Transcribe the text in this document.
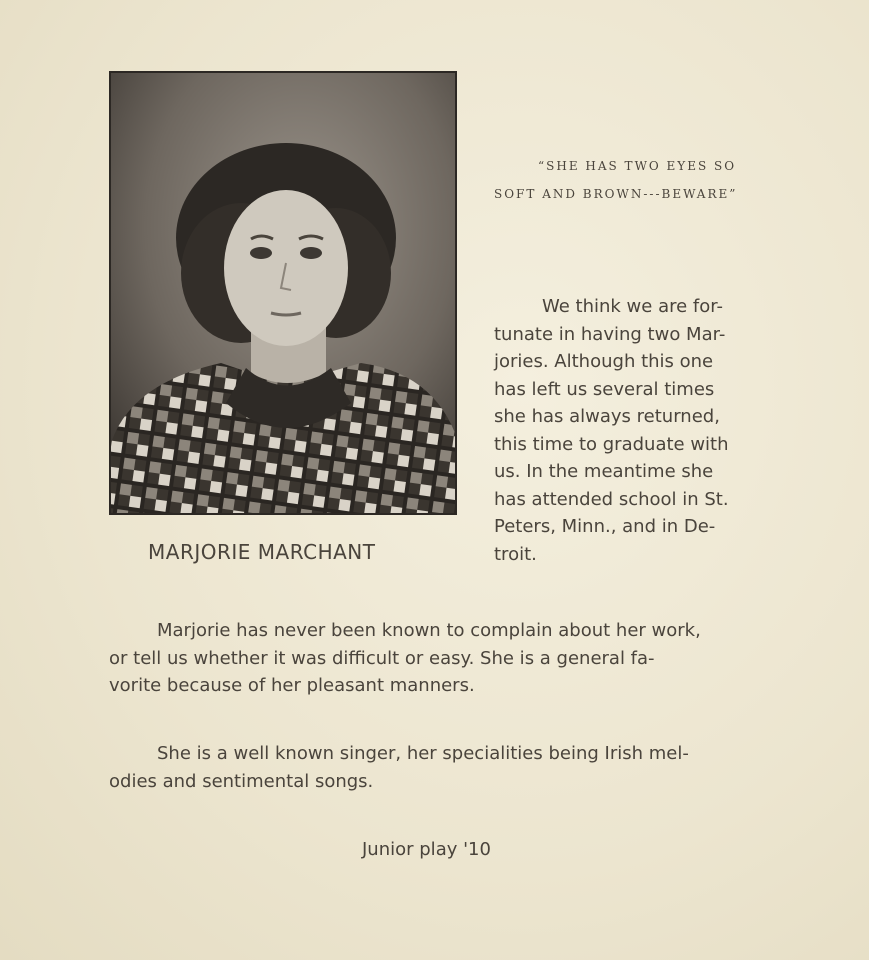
MARJORIE MARCHANT
“SHE HAS TWO EYES SO
SOFT AND BROWN---BEWARE”
We think we are for-
tunate in having two Mar-
jories. Although this one
has left us several times
she has always returned,
this time to graduate with
us. In the meantime she
has attended school in St.
Peters, Minn., and in De-
troit.
Marjorie has never been known to complain about her work,
or tell us whether it was difficult or easy. She is a general fa-
vorite because of her pleasant manners.
She is a well known singer, her specialities being Irish mel-
odies and sentimental songs.
Junior play '10
